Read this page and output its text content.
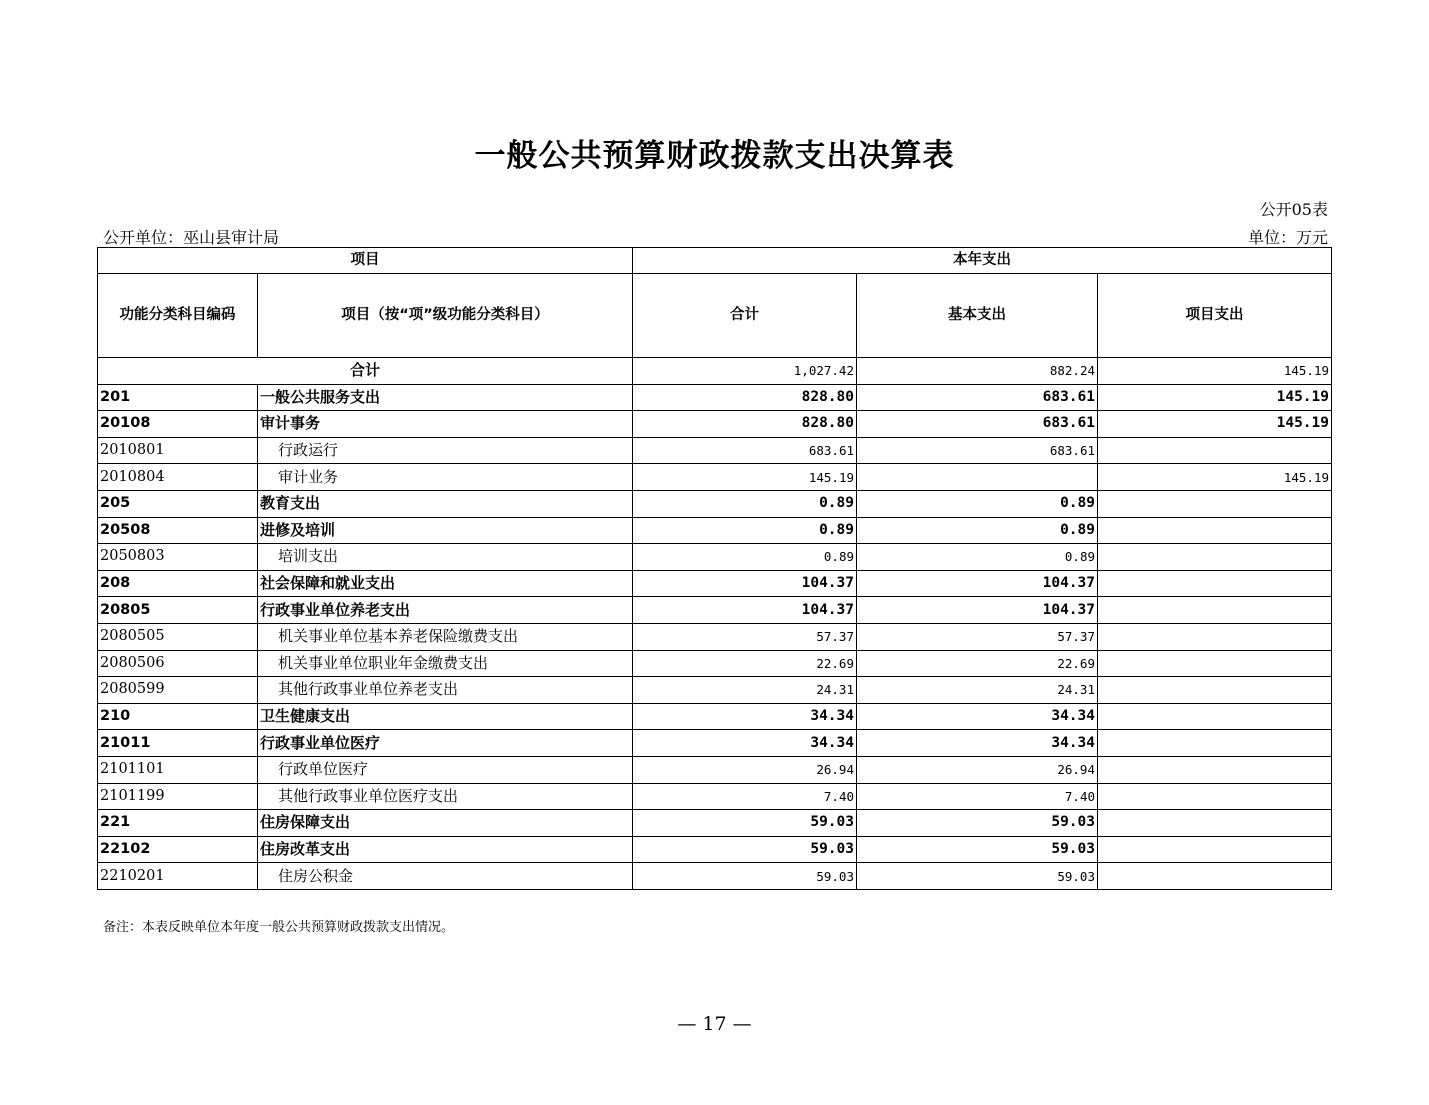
一般公共预算财政拨款支出决算表
公开05表
公开单位：巫山县审计局	单位：万元
项目		本年支出		
功能分类科目编码	项目（按“项”级功能分类科目）	合计	基本支出	项目支出
合计		1,027.42	882.24	145.19
201	一般公共服务支出	828.80	683.61	145.19
20108	审计事务	828.80	683.61	145.19
2010801	行政运行	683.61	683.61	
2010804	审计业务	145.19		145.19
205	教育支出	0.89	0.89	
20508	进修及培训	0.89	0.89	
2050803	培训支出	0.89	0.89	
208	社会保障和就业支出	104.37	104.37	
20805	行政事业单位养老支出	104.37	104.37	
2080505	机关事业单位基本养老保险缴费支出	57.37	57.37	
2080506	机关事业单位职业年金缴费支出	22.69	22.69	
2080599	其他行政事业单位养老支出	24.31	24.31	
210	卫生健康支出	34.34	34.34	
21011	行政事业单位医疗	34.34	34.34	
2101101	行政单位医疗	26.94	26.94	
2101199	其他行政事业单位医疗支出	7.40	7.40	
221	住房保障支出	59.03	59.03	
22102	住房改革支出	59.03	59.03	
2210201	住房公积金	59.03	59.03	
备注：本表反映单位本年度一般公共预算财政拨款支出情况。
— 17 —
